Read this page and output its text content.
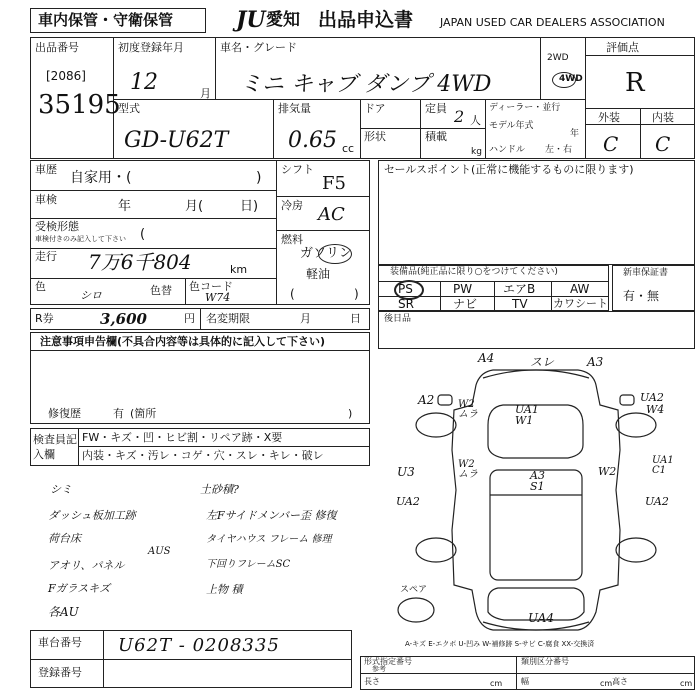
車内保管・守衛保管	JU 愛知 出品申込書 JAPAN USED CAR DEALERS ASSOCIATION
出品番号
[2086]
35195
初度登録年月
12	月
車名・グレード
ミニ キャブ ダンプ 4WD
2WD
4WD
評価点
R
型式
GD-U62T
排気量
0.65 cc
ドア
形状
定員 2 人
積載
kg
ディーラー・並行
モデル年式
年
ハンドル 左・右
外装	内装
C C
車歴
自家用・(	)
車検	年	月(	日)
受検形態
車検付きのみ記入して下さい (
走行 7万6千804	km
色
シロ	色替 色コード
W74
シフト
F5
冷房 AC
燃料
ガソリン
軽油
(	)
セールスポイント(正常に機能するものに限ります)
装備品(純正品に限り○をつけてください)
PS	PW	エアB	AW
SR	ナビ	TV カワシート
新車保証書
有・無
R券	3,600	円 名変期限	月	日	後日品
注意事項申告欄(不具合内容等は具体的に記入して下さい)
修復歴	有 (箇所	)
検査員記入欄
FW・キズ・凹・ヒビ割・リペア跡・X要
内装・キズ・汚レ・コゲ・穴・スレ・キレ・破レ
シミ
ダッシュ板加工跡
荷台床
アオリ、パネル
Fガラスキズ
各AU
AUS
土砂積?
左Fサイドメンバー歪 修復
タイヤハウス フレーム 修理
下回りフレームSC
上物 積
A4	スレ	A3
A2 W2 ムラ	UA1 W1
UA2
W4
U3
W2 ムラ	A3 S1
W2
UA1 C1
UA2
UA2
UA4
スペア
A-キズ E-エクボ U-凹み W-補修跡 S-サビ C-腐食 XX-交換済
車台番号 U62T - 0208335
登録番号
形式指定番号
参考
類別区分番号
長さ	cm 幅	cm 高さ	cm
